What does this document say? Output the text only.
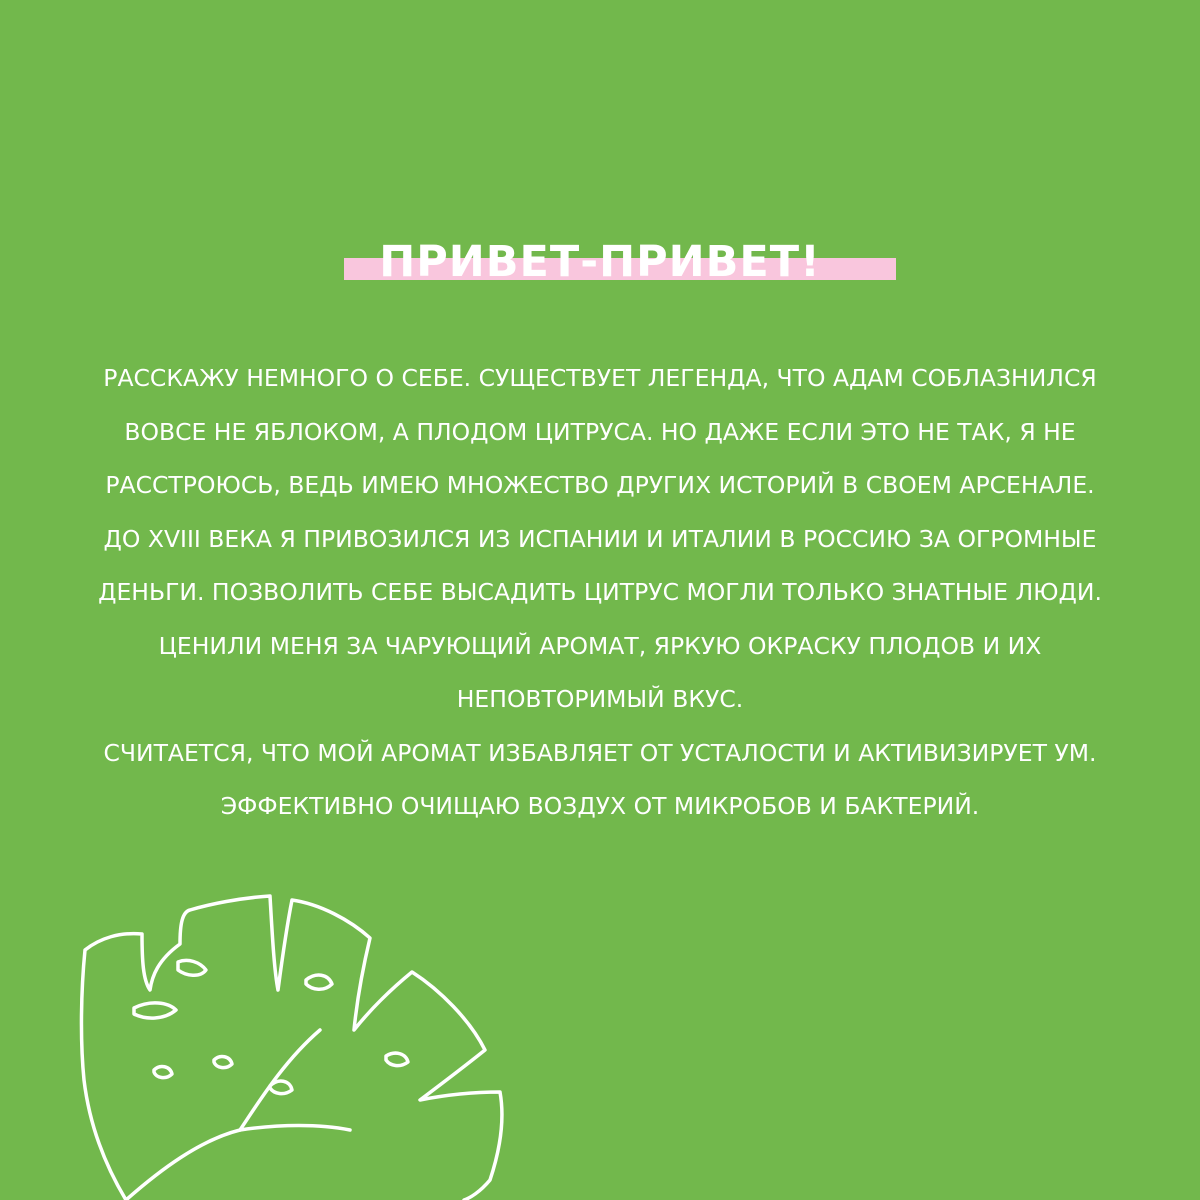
ПРИВЕТ-ПРИВЕТ!

РАССКАЖУ НЕМНОГО О СЕБЕ. СУЩЕСТВУЕТ ЛЕГЕНДА, ЧТО АДАМ СОБЛАЗНИЛСЯ ВОВСЕ НЕ ЯБЛОКОМ, А ПЛОДОМ ЦИТРУСА. НО ДАЖЕ ЕСЛИ ЭТО НЕ ТАК, Я НЕ РАССТРОЮСЬ, ВЕДЬ ИМЕЮ МНОЖЕСТВО ДРУГИХ ИСТОРИЙ В СВОЕМ АРСЕНАЛЕ.

ДО XVIII ВЕКА Я ПРИВОЗИЛСЯ ИЗ ИСПАНИИ И ИТАЛИИ В РОССИЮ ЗА ОГРОМНЫЕ ДЕНЬГИ. ПОЗВОЛИТЬ СЕБЕ ВЫСАДИТЬ ЦИТРУС МОГЛИ ТОЛЬКО ЗНАТНЫЕ ЛЮДИ. ЦЕНИЛИ МЕНЯ ЗА ЧАРУЮЩИЙ АРОМАТ, ЯРКУЮ ОКРАСКУ ПЛОДОВ И ИХ НЕПОВТОРИМЫЙ ВКУС.

СЧИТАЕТСЯ, ЧТО МОЙ АРОМАТ ИЗБАВЛЯЕТ ОТ УСТАЛОСТИ И АКТИВИЗИРУЕТ УМ. ЭФФЕКТИВНО ОЧИЩАЮ ВОЗДУХ ОТ МИКРОБОВ И БАКТЕРИЙ.
